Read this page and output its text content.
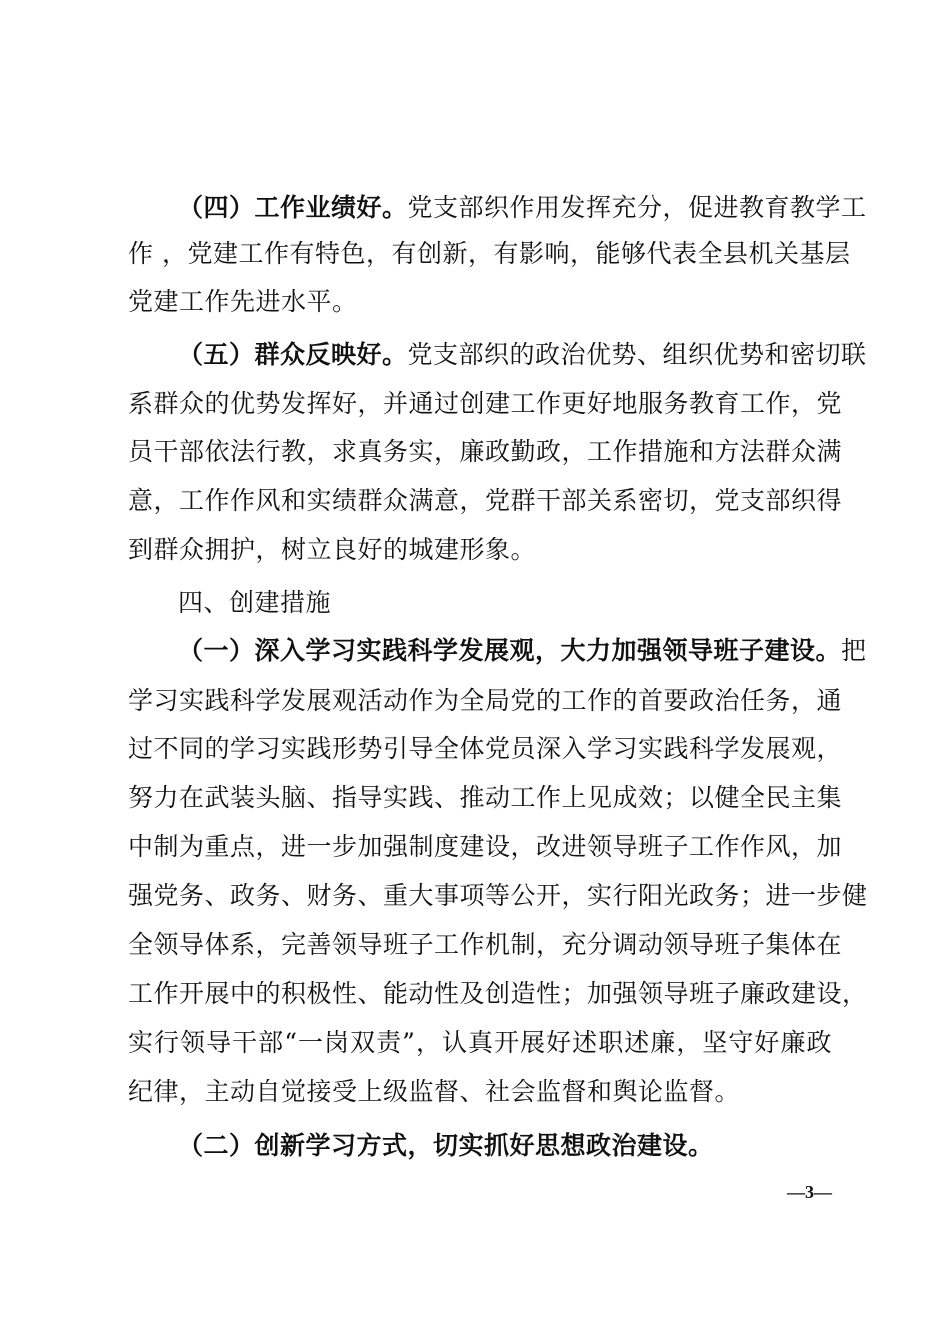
（四）工作业绩好。党支部织作用发挥充分，促进教育教学工
作 ，党建工作有特色，有创新，有影响，能够代表全县机关基层
党建工作先进水平。
（五）群众反映好。党支部织的政治优势、组织优势和密切联
系群众的优势发挥好，并通过创建工作更好地服务教育工作，党
员干部依法行教，求真务实，廉政勤政，工作措施和方法群众满
意，工作作风和实绩群众满意，党群干部关系密切，党支部织得
到群众拥护，树立良好的城建形象。
四、创建措施
（一）深入学习实践科学发展观，大力加强领导班子建设。把
学习实践科学发展观活动作为全局党的工作的首要政治任务，通
过不同的学习实践形势引导全体党员深入学习实践科学发展观，
努力在武装头脑、指导实践、推动工作上见成效；以健全民主集
中制为重点，进一步加强制度建设，改进领导班子工作作风，加
强党务、政务、财务、重大事项等公开，实行阳光政务；进一步健
全领导体系，完善领导班子工作机制，充分调动领导班子集体在
工作开展中的积极性、能动性及创造性；加强领导班子廉政建设，
实行领导干部“一岗双责”，认真开展好述职述廉，坚守好廉政
纪律，主动自觉接受上级监督、社会监督和舆论监督。
（二）创新学习方式，切实抓好思想政治建设。
—3—
